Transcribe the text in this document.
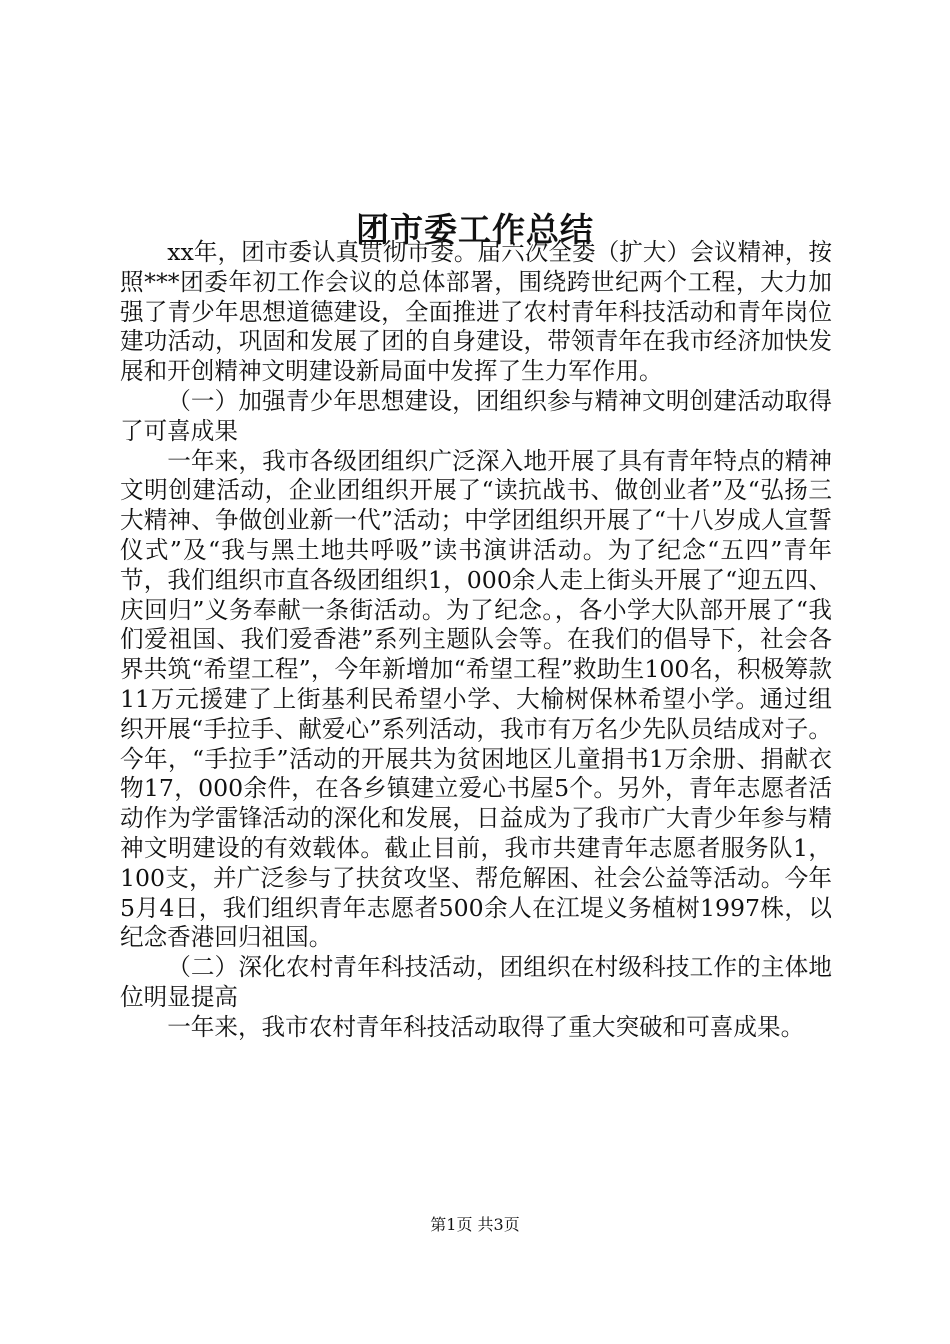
团市委工作总结

xx年，团市委认真贯彻市委。届六次全委（扩大）会议精神，按照***团委年初工作会议的总体部署，围绕跨世纪两个工程，大力加强了青少年思想道德建设，全面推进了农村青年科技活动和青年岗位建功活动，巩固和发展了团的自身建设，带领青年在我市经济加快发展和开创精神文明建设新局面中发挥了生力军作用。

（一）加强青少年思想建设，团组织参与精神文明创建活动取得了可喜成果

一年来，我市各级团组织广泛深入地开展了具有青年特点的精神文明创建活动，企业团组织开展了“读抗战书、做创业者”及“弘扬三大精神、争做创业新一代”活动；中学团组织开展了“十八岁成人宣誓仪式”及“我与黑土地共呼吸”读书演讲活动。为了纪念“五四”青年节，我们组织市直各级团组织1，000余人走上街头开展了“迎五四、庆回归”义务奉献一条街活动。为了纪念。，各小学大队部开展了“我们爱祖国、我们爱香港”系列主题队会等。在我们的倡导下，社会各界共筑“希望工程”，今年新增加“希望工程”救助生100名，积极筹款11万元援建了上街基利民希望小学、大榆树保林希望小学。通过组织开展“手拉手、献爱心”系列活动，我市有万名少先队员结成对子。今年，“手拉手”活动的开展共为贫困地区儿童捐书1万余册、捐献衣物17，000余件，在各乡镇建立爱心书屋5个。另外，青年志愿者活动作为学雷锋活动的深化和发展，日益成为了我市广大青少年参与精神文明建设的有效载体。截止目前，我市共建青年志愿者服务队1，100支，并广泛参与了扶贫攻坚、帮危解困、社会公益等活动。今年5月4日，我们组织青年志愿者500余人在江堤义务植树1997株，以纪念香港回归祖国。

（二）深化农村青年科技活动，团组织在村级科技工作的主体地位明显提高

一年来，我市农村青年科技活动取得了重大突破和可喜成果。

第1页 共3页
